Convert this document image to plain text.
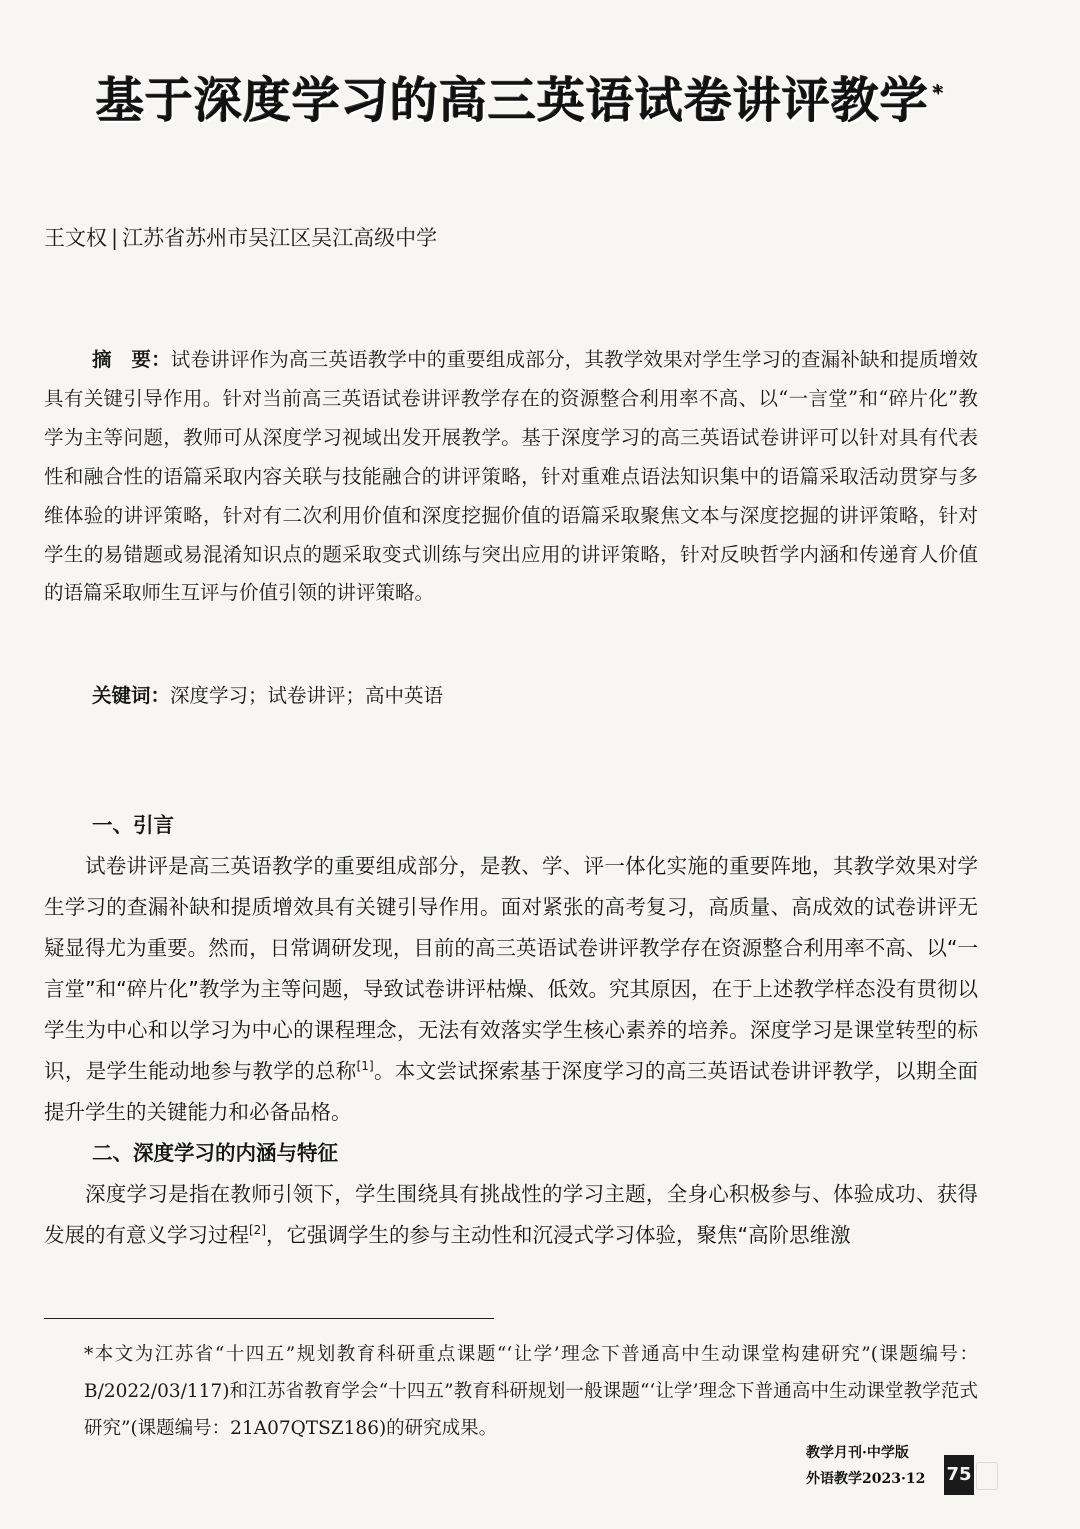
基于深度学习的高三英语试卷讲评教学 *
王文权 | 江苏省苏州市吴江区吴江高级中学
摘　要：试卷讲评作为高三英语教学中的重要组成部分，其教学效果对学生学习的查漏补缺和提质增效具有关键引导作用。针对当前高三英语试卷讲评教学存在的资源整合利用率不高、以“一言堂”和“碎片化”教学为主等问题，教师可从深度学习视域出发开展教学。基于深度学习的高三英语试卷讲评可以针对具有代表性和融合性的语篇采取内容关联与技能融合的讲评策略，针对重难点语法知识集中的语篇采取活动贯穿与多维体验的讲评策略，针对有二次利用价值和深度挖掘价值的语篇采取聚焦文本与深度挖掘的讲评策略，针对学生的易错题或易混淆知识点的题采取变式训练与突出应用的讲评策略，针对反映哲学内涵和传递育人价值的语篇采取师生互评与价值引领的讲评策略。
关键词：深度学习；试卷讲评；高中英语
一、引言

试卷讲评是高三英语教学的重要组成部分，是教、学、评一体化实施的重要阵地，其教学效果对学生学习的查漏补缺和提质增效具有关键引导作用。面对紧张的高考复习，高质量、高成效的试卷讲评无疑显得尤为重要。然而，日常调研发现，目前的高三英语试卷讲评教学存在资源整合利用率不高、以“一言堂”和“碎片化”教学为主等问题，导致试卷讲评枯燥、低效。究其原因，在于上述教学样态没有贯彻以学生为中心和以学习为中心的课程理念，无法有效落实学生核心素养的培养。深度学习是课堂转型的标识，是学生能动地参与教学的总称[1]。本文尝试探索基于深度学习的高三英语试卷讲评教学，以期全面提升学生的关键能力和必备品格。

二、深度学习的内涵与特征

深度学习是指在教师引领下，学生围绕具有挑战性的学习主题，全身心积极参与、体验成功、获得发展的有意义学习过程[2]，它强调学生的参与主动性和沉浸式学习体验，聚焦“高阶思维激

*本文为江苏省“十四五”规划教育科研重点课题“‘让学’理念下普通高中生动课堂构建研究”(课题编号：B/2022/03/117)和江苏省教育学会“十四五”教育科研规划一般课题“‘让学’理念下普通高中生动课堂教学范式研究”(课题编号：21A07QTSZ186)的研究成果。
教学月刊·中学版
外语教学2023·12	75
